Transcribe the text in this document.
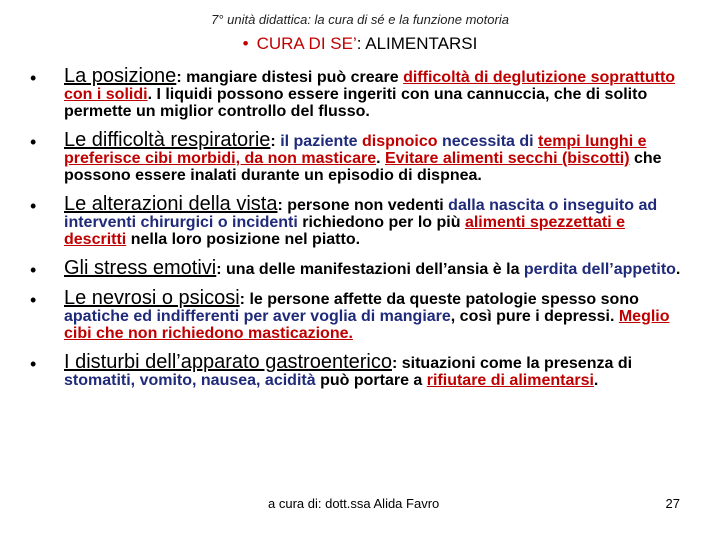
7° unità didattica: la cura di sé e la funzione motoria
• CURA DI SE’: ALIMENTARSI
• La posizione: mangiare distesi può creare difficoltà di deglutizione soprattutto con i solidi. I liquidi possono essere ingeriti con una cannuccia, che di solito permette un miglior controllo del flusso.
• Le difficoltà respiratorie: il paziente dispnoico necessita di tempi lunghi e preferisce cibi morbidi, da non masticare. Evitare alimenti secchi (biscotti) che possono essere inalati durante un episodio di dispnea.
• Le alterazioni della vista: persone non vedenti dalla nascita o inseguito ad interventi chirurgici o incidenti richiedono per lo più alimenti spezzettati e descritti nella loro posizione nel piatto.
• Gli stress emotivi: una delle manifestazioni dell’ansia è la perdita dell’appetito.
• Le nevrosi o psicosi: le persone affette da queste patologie spesso sono apatiche ed indifferenti per aver voglia di mangiare, così pure i depressi. Meglio cibi che non richiedono masticazione.
• I disturbi dell’apparato gastroenterico: situazioni come la presenza di stomatiti, vomito, nausea, acidità può portare a rifiutare di alimentarsi.
a cura di: dott.ssa Alida Favro	27
